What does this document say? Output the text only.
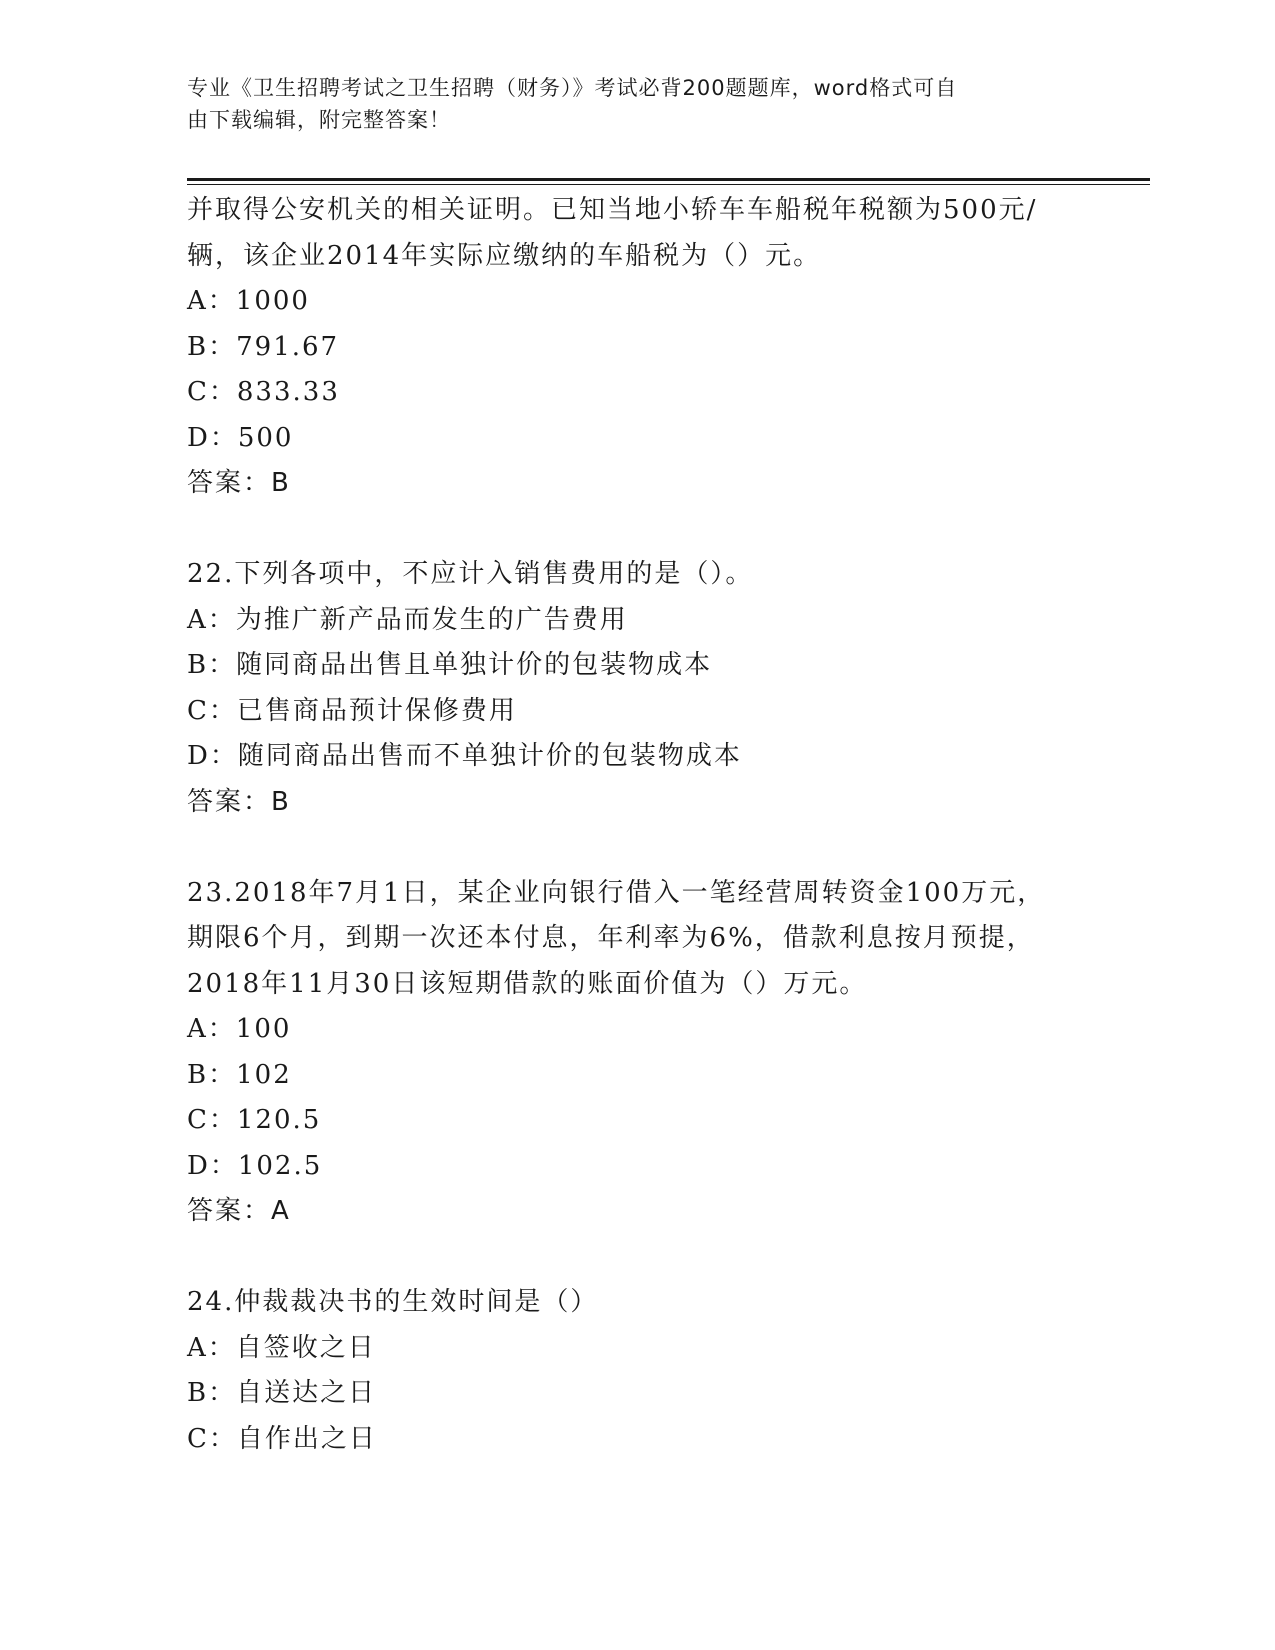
专业《卫生招聘考试之卫生招聘（财务）》考试必背200题题库，word格式可自
由下载编辑，附完整答案！
并取得公安机关的相关证明。已知当地小轿车车船税年税额为500元/
辆，该企业2014年实际应缴纳的车船税为（）元。
A：1000
B：791.67
C：833.33
D：500
答案：B
22.下列各项中，不应计入销售费用的是（）。
A：为推广新产品而发生的广告费用
B：随同商品出售且单独计价的包装物成本
C：已售商品预计保修费用
D：随同商品出售而不单独计价的包装物成本
答案：B
23.2018年7月1日，某企业向银行借入一笔经营周转资金100万元，
期限6个月，到期一次还本付息，年利率为6%，借款利息按月预提，
2018年11月30日该短期借款的账面价值为（）万元。
A：100
B：102
C：120.5
D：102.5
答案：A
24.仲裁裁决书的生效时间是（）
A：自签收之日
B：自送达之日
C：自作出之日
